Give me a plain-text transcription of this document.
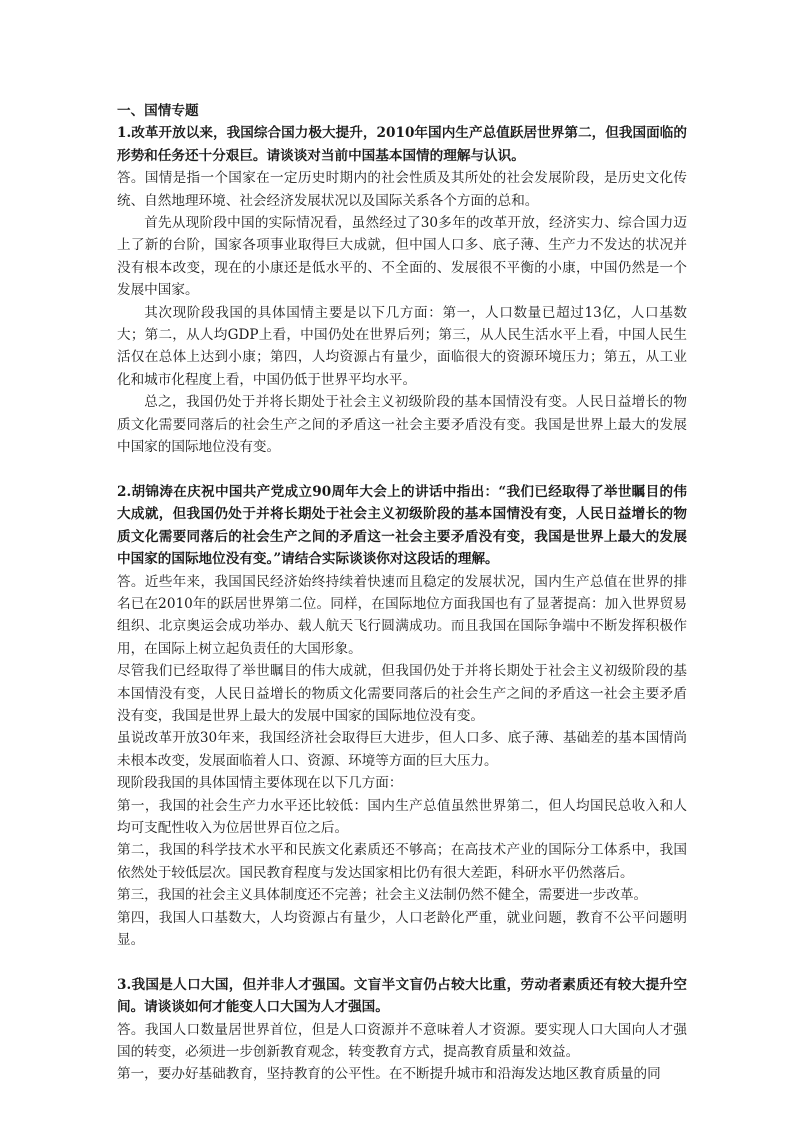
一、国情专题

1.改革开放以来，我国综合国力极大提升，2010年国内生产总值跃居世界第二，但我国面临的形势和任务还十分艰巨。请谈谈对当前中国基本国情的理解与认识。

答。国情是指一个国家在一定历史时期内的社会性质及其所处的社会发展阶段，是历史文化传统、自然地理环境、社会经济发展状况以及国际关系各个方面的总和。

首先从现阶段中国的实际情况看，虽然经过了30多年的改革开放，经济实力、综合国力迈上了新的台阶，国家各项事业取得巨大成就，但中国人口多、底子薄、生产力不发达的状况并没有根本改变，现在的小康还是低水平的、不全面的、发展很不平衡的小康，中国仍然是一个发展中国家。

其次现阶段我国的具体国情主要是以下几方面：第一，人口数量已超过13亿，人口基数大；第二，从人均GDP上看，中国仍处在世界后列；第三，从人民生活水平上看，中国人民生活仅在总体上达到小康；第四，人均资源占有量少，面临很大的资源环境压力；第五，从工业化和城市化程度上看，中国仍低于世界平均水平。

总之，我国仍处于并将长期处于社会主义初级阶段的基本国情没有变。人民日益增长的物质文化需要同落后的社会生产之间的矛盾这一社会主要矛盾没有变。我国是世界上最大的发展中国家的国际地位没有变。

2.胡锦涛在庆祝中国共产党成立90周年大会上的讲话中指出：“我们已经取得了举世瞩目的伟大成就，但我国仍处于并将长期处于社会主义初级阶段的基本国情没有变，人民日益增长的物质文化需要同落后的社会生产之间的矛盾这一社会主要矛盾没有变，我国是世界上最大的发展中国家的国际地位没有变。”请结合实际谈谈你对这段话的理解。

答。近些年来，我国国民经济始终持续着快速而且稳定的发展状况，国内生产总值在世界的排名已在2010年的跃居世界第二位。同样，在国际地位方面我国也有了显著提高：加入世界贸易组织、北京奥运会成功举办、载人航天飞行圆满成功。而且我国在国际争端中不断发挥积极作用，在国际上树立起负责任的大国形象。

尽管我们已经取得了举世瞩目的伟大成就，但我国仍处于并将长期处于社会主义初级阶段的基本国情没有变，人民日益增长的物质文化需要同落后的社会生产之间的矛盾这一社会主要矛盾没有变，我国是世界上最大的发展中国家的国际地位没有变。

虽说改革开放30年来，我国经济社会取得巨大进步，但人口多、底子薄、基础差的基本国情尚未根本改变，发展面临着人口、资源、环境等方面的巨大压力。

现阶段我国的具体国情主要体现在以下几方面：

第一，我国的社会生产力水平还比较低：国内生产总值虽然世界第二，但人均国民总收入和人均可支配性收入为位居世界百位之后。

第二，我国的科学技术水平和民族文化素质还不够高；在高技术产业的国际分工体系中，我国依然处于较低层次。国民教育程度与发达国家相比仍有很大差距，科研水平仍然落后。

第三，我国的社会主义具体制度还不完善；社会主义法制仍然不健全，需要进一步改革。

第四，我国人口基数大，人均资源占有量少，人口老龄化严重，就业问题，教育不公平问题明显。

3.我国是人口大国，但并非人才强国。文盲半文盲仍占较大比重，劳动者素质还有较大提升空间。请谈谈如何才能变人口大国为人才强国。

答。我国人口数量居世界首位，但是人口资源并不意味着人才资源。要实现人口大国向人才强国的转变，必须进一步创新教育观念，转变教育方式，提高教育质量和效益。

第一，要办好基础教育，坚持教育的公平性。在不断提升城市和沿海发达地区教育质量的同
